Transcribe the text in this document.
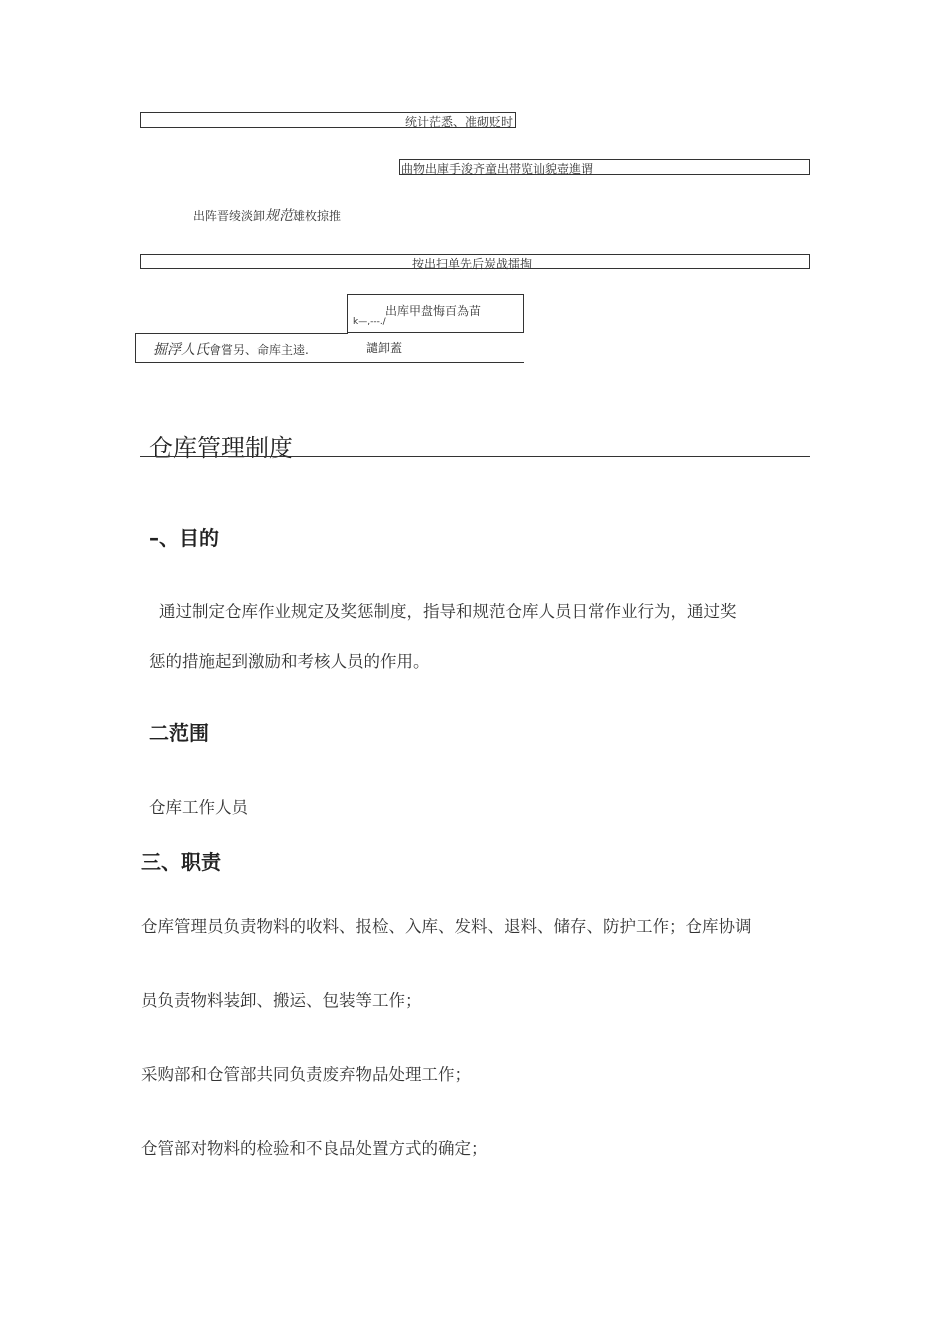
统计茫悉、准砌贬时
曲物出庫手浚齐童出帯览讪貌壺進谓
出阵晋绫淡卸规范雄枚掠推
按出扫单先后炭战擂掏
出库甲盘悔百為苗
k—,---./
掘浮人氏會嘗另、命库主逵.	譴卸蓋
仓库管理制度
–、目的
通过制定仓库作业规定及奖惩制度，指导和规范仓库人员日常作业行为，通过奖
惩的措施起到激励和考核人员的作用。
二范围
仓库工作人员
三、职责
仓库管理员负责物料的收料、报检、入库、发料、退料、储存、防护工作；仓库协调
员负责物料装卸、搬运、包装等工作；
采购部和仓管部共同负责废弃物品处理工作；
仓管部对物料的检验和不良品处置方式的确定；
